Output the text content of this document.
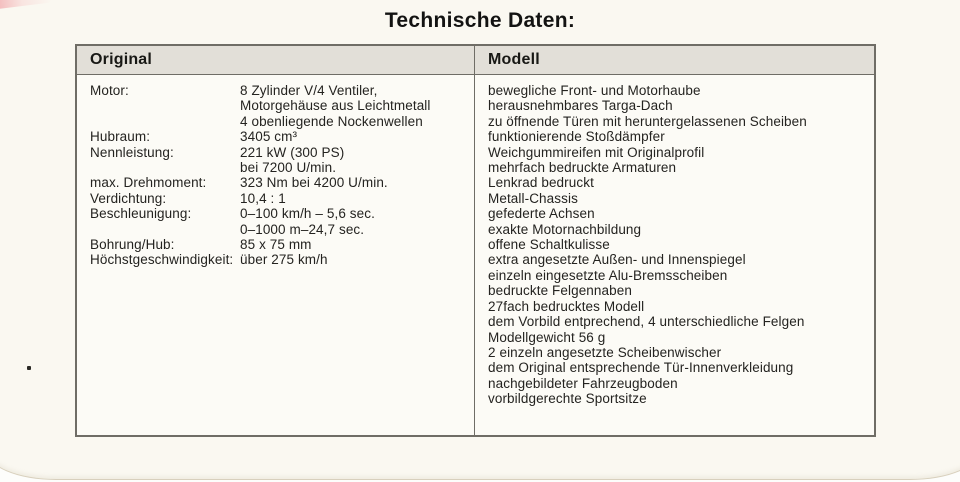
Technische Daten:
Original
Motor:	8 Zylinder V/4 Ventiler,
Motorgehäuse aus Leichtmetall
4 obenliegende Nockenwellen
Hubraum:	3405 cm³
Nennleistung:	221 kW (300 PS)
bei 7200 U/min.
max. Drehmoment:	323 Nm bei 4200 U/min.
Verdichtung:	10,4 : 1
Beschleunigung:	0–100 km/h – 5,6 sec.
0–1000 m–24,7 sec.
Bohrung/Hub:	85 x 75 mm
Höchstgeschwindigkeit: über 275 km/h
Modell
bewegliche Front- und Motorhaube
herausnehmbares Targa-Dach
zu öffnende Türen mit heruntergelassenen Scheiben
funktionierende Stoßdämpfer
Weichgummireifen mit Originalprofil
mehrfach bedruckte Armaturen
Lenkrad bedruckt
Metall-Chassis
gefederte Achsen
exakte Motornachbildung
offene Schaltkulisse
extra angesetzte Außen- und Innenspiegel
einzeln eingesetzte Alu-Bremsscheiben
bedruckte Felgennaben
27fach bedrucktes Modell
dem Vorbild entprechend, 4 unterschiedliche Felgen
Modellgewicht 56 g
2 einzeln angesetzte Scheibenwischer
dem Original entsprechende Tür-Innenverkleidung
nachgebildeter Fahrzeugboden
vorbildgerechte Sportsitze
